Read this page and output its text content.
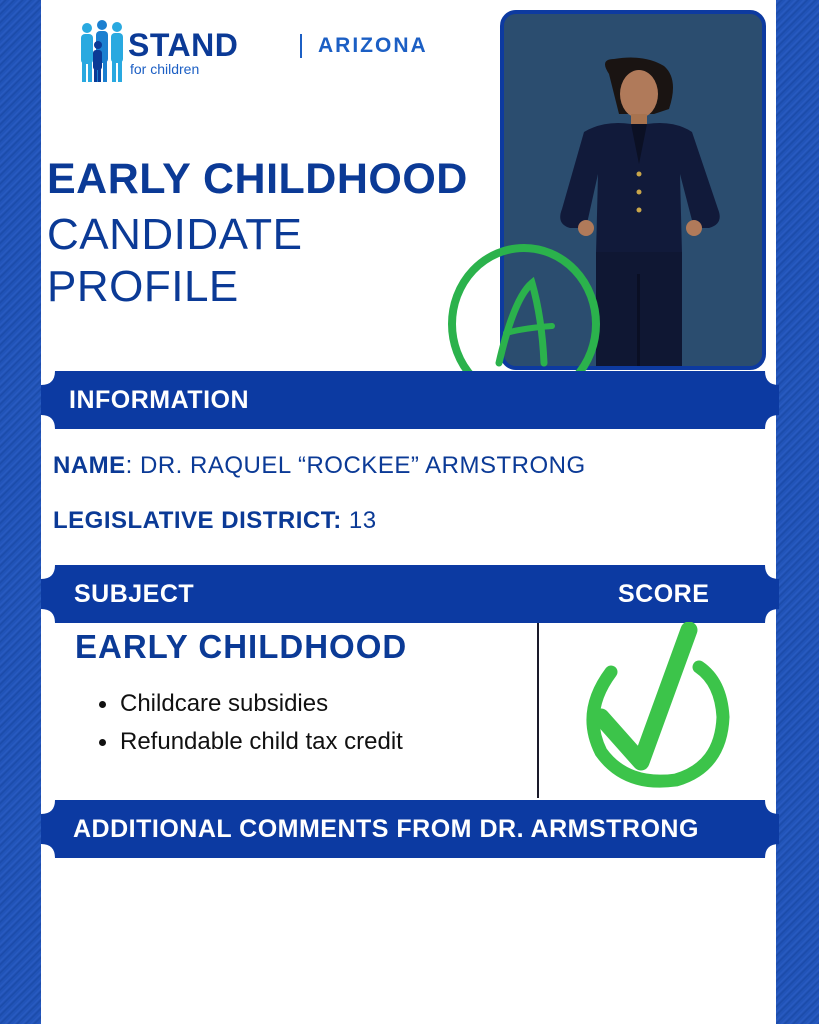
STAND
for children
ARIZONA
EARLY CHILDHOOD
CANDIDATE
PROFILE
INFORMATION
NAME: DR. RAQUEL “ROCKEE” ARMSTRONG
LEGISLATIVE DISTRICT: 13
SUBJECT	SCORE
EARLY CHILDHOOD
Childcare subsidies
Refundable child tax credit
ADDITIONAL COMMENTS FROM DR. ARMSTRONG
